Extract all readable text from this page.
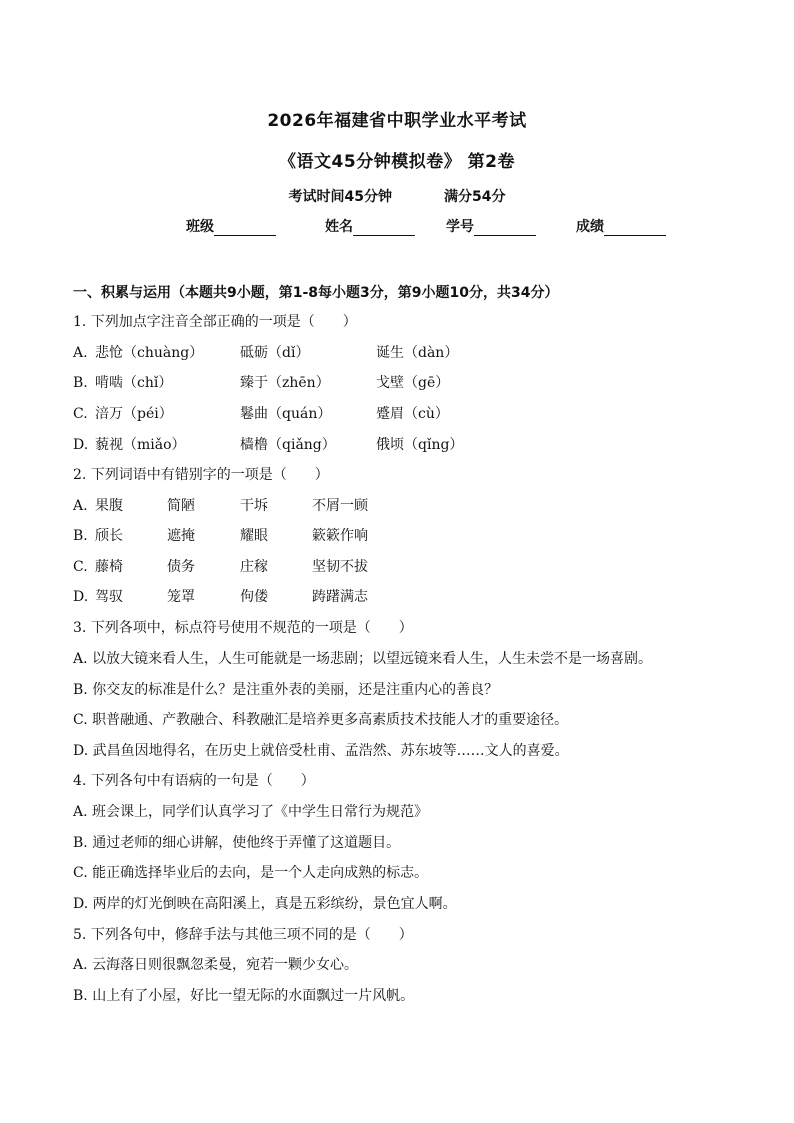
2026年福建省中职学业水平考试
《语文45分钟模拟卷》 第2卷
考试时间45分钟	满分54分
班级	姓名	学号	成绩
一、积累与运用（本题共9小题，第1-8每小题3分，第9小题10分，共34分）
1. 下列加点字注音全部正确的一项是（　　）
A. 悲怆（chuàng）	砥砺（dǐ）	诞生（dàn）
B. 啃啮（chǐ）	臻于（zhēn）	戈壁（gē）
C. 涪万（péi）	鬈曲（quán）	蹙眉（cù）
D. 藐视（miǎo）	樯橹（qiǎng）	俄顷（qǐng）
2. 下列词语中有错别字的一项是（　　）
A. 果腹	简陋	干坼	不屑一顾
B. 颀长	遮掩	耀眼	簌簌作响
C. 藤椅	债务	庄稼	坚韧不拔
D. 驾驭	笼罩	佝偻	踌躇满志
3. 下列各项中，标点符号使用不规范的一项是（　　）
A. 以放大镜来看人生，人生可能就是一场悲剧；以望远镜来看人生，人生未尝不是一场喜剧。
B. 你交友的标准是什么？是注重外表的美丽，还是注重内心的善良？
C. 职普融通、产教融合、科教融汇是培养更多高素质技术技能人才的重要途径。
D. 武昌鱼因地得名，在历史上就倍受杜甫、孟浩然、苏东坡等……文人的喜爱。
4. 下列各句中有语病的一句是（　　）
A. 班会课上，同学们认真学习了《中学生日常行为规范》
B. 通过老师的细心讲解，使他终于弄懂了这道题目。
C. 能正确选择毕业后的去向，是一个人走向成熟的标志。
D. 两岸的灯光倒映在高阳溪上，真是五彩缤纷，景色宜人啊。
5. 下列各句中，修辞手法与其他三项不同的是（　　）
A. 云海落日则很飘忽柔曼，宛若一颗少女心。
B. 山上有了小屋，好比一望无际的水面飘过一片风帆。
